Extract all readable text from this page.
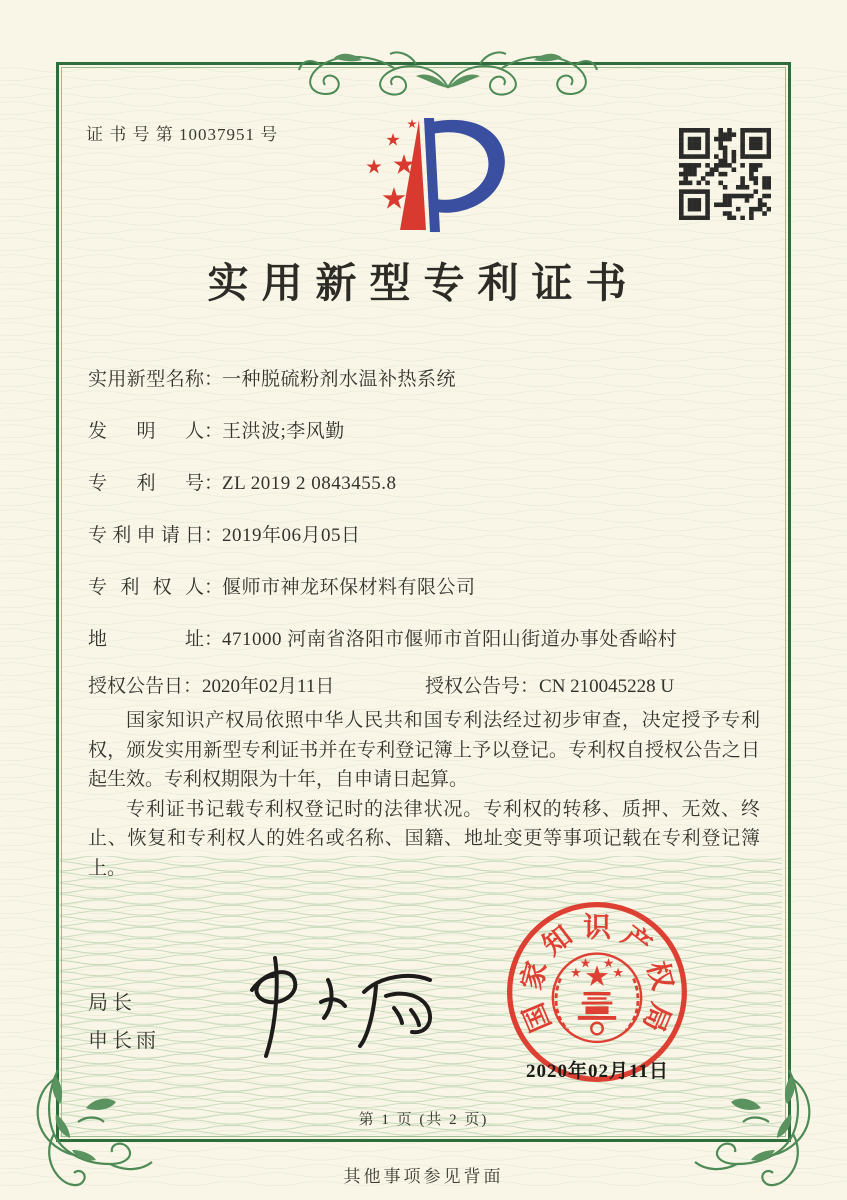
证 书 号 第 10037951 号
实用新型专利证书
实用新型名称：一种脱硫粉剂水温补热系统
发明人：王洪波;李风勤
专利号：ZL 2019 2 0843455.8
专利申请日：2019年06月05日
专利权人：偃师市神龙环保材料有限公司
地址：471000 河南省洛阳市偃师市首阳山街道办事处香峪村
授权公告日：2020年02月11日	授权公告号：CN 210045228 U

国家知识产权局依照中华人民共和国专利法经过初步审查，决定授予专利权，颁发实用新型专利证书并在专利登记簿上予以登记。专利权自授权公告之日起生效。专利权期限为十年，自申请日起算。

专利证书记载专利权登记时的法律状况。专利权的转移、质押、无效、终止、恢复和专利权人的姓名或名称、国籍、地址变更等事项记载在专利登记簿上。

局长
申长雨
国
家
知 识 产
权
局
2020年02月11日
第 1 页 (共 2 页)
其他事项参见背面
